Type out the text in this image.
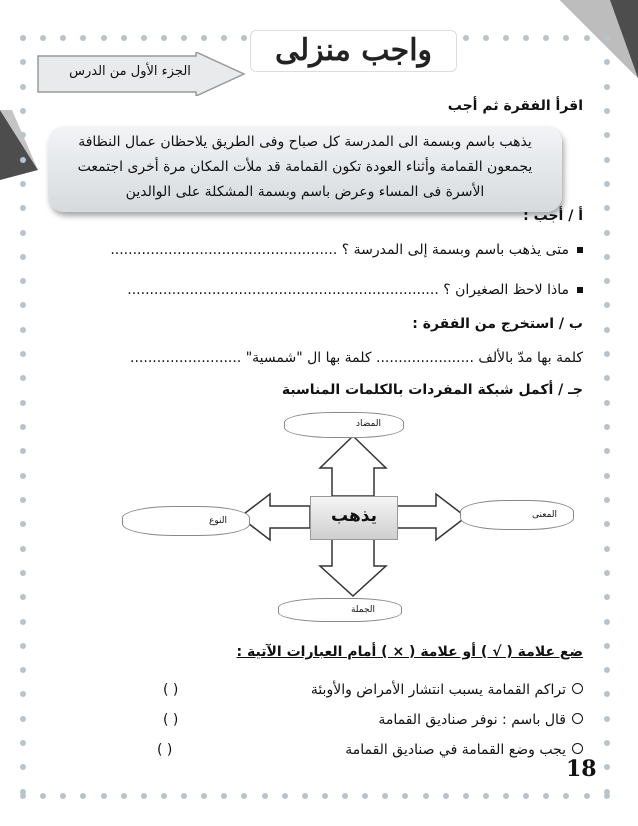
الجزء الأول من الدرس
واجب منزلى
اقرأ الفقرة ثم أجب
يذهب باسم وبسمة الى المدرسة كل صباح وفى الطريق يلاحظان عمال النظافة
يجمعون القمامة وأثناء العودة تكون القمامة قد ملأت المكان مرة أخرى اجتمعت
الأسرة فى المساء وعرض باسم وبسمة المشكلة على الوالدين
أ / أجب :
متى يذهب باسم وبسمة إلى المدرسة ؟ ...................................................
ماذا لاحظ الصغيران ؟ ......................................................................
ب / استخرج من الفقرة :
كلمة بها مدّ بالألف ...................... كلمة بها ال "شمسية" .........................
جـ / أكمل شبكة المفردات بالكلمات المناسبة
المضاد
النوع
المعنى
الجملة
يذهب
ضع علامة ( √ ) أو علامة ( × ) أمام العبارات الآتية :
تراكم القمامة يسبب انتشار الأمراض والأوبئة
( )
قال باسم : نوفر صناديق القمامة
( )
يجب وضع القمامة في صناديق القمامة
( )
18
